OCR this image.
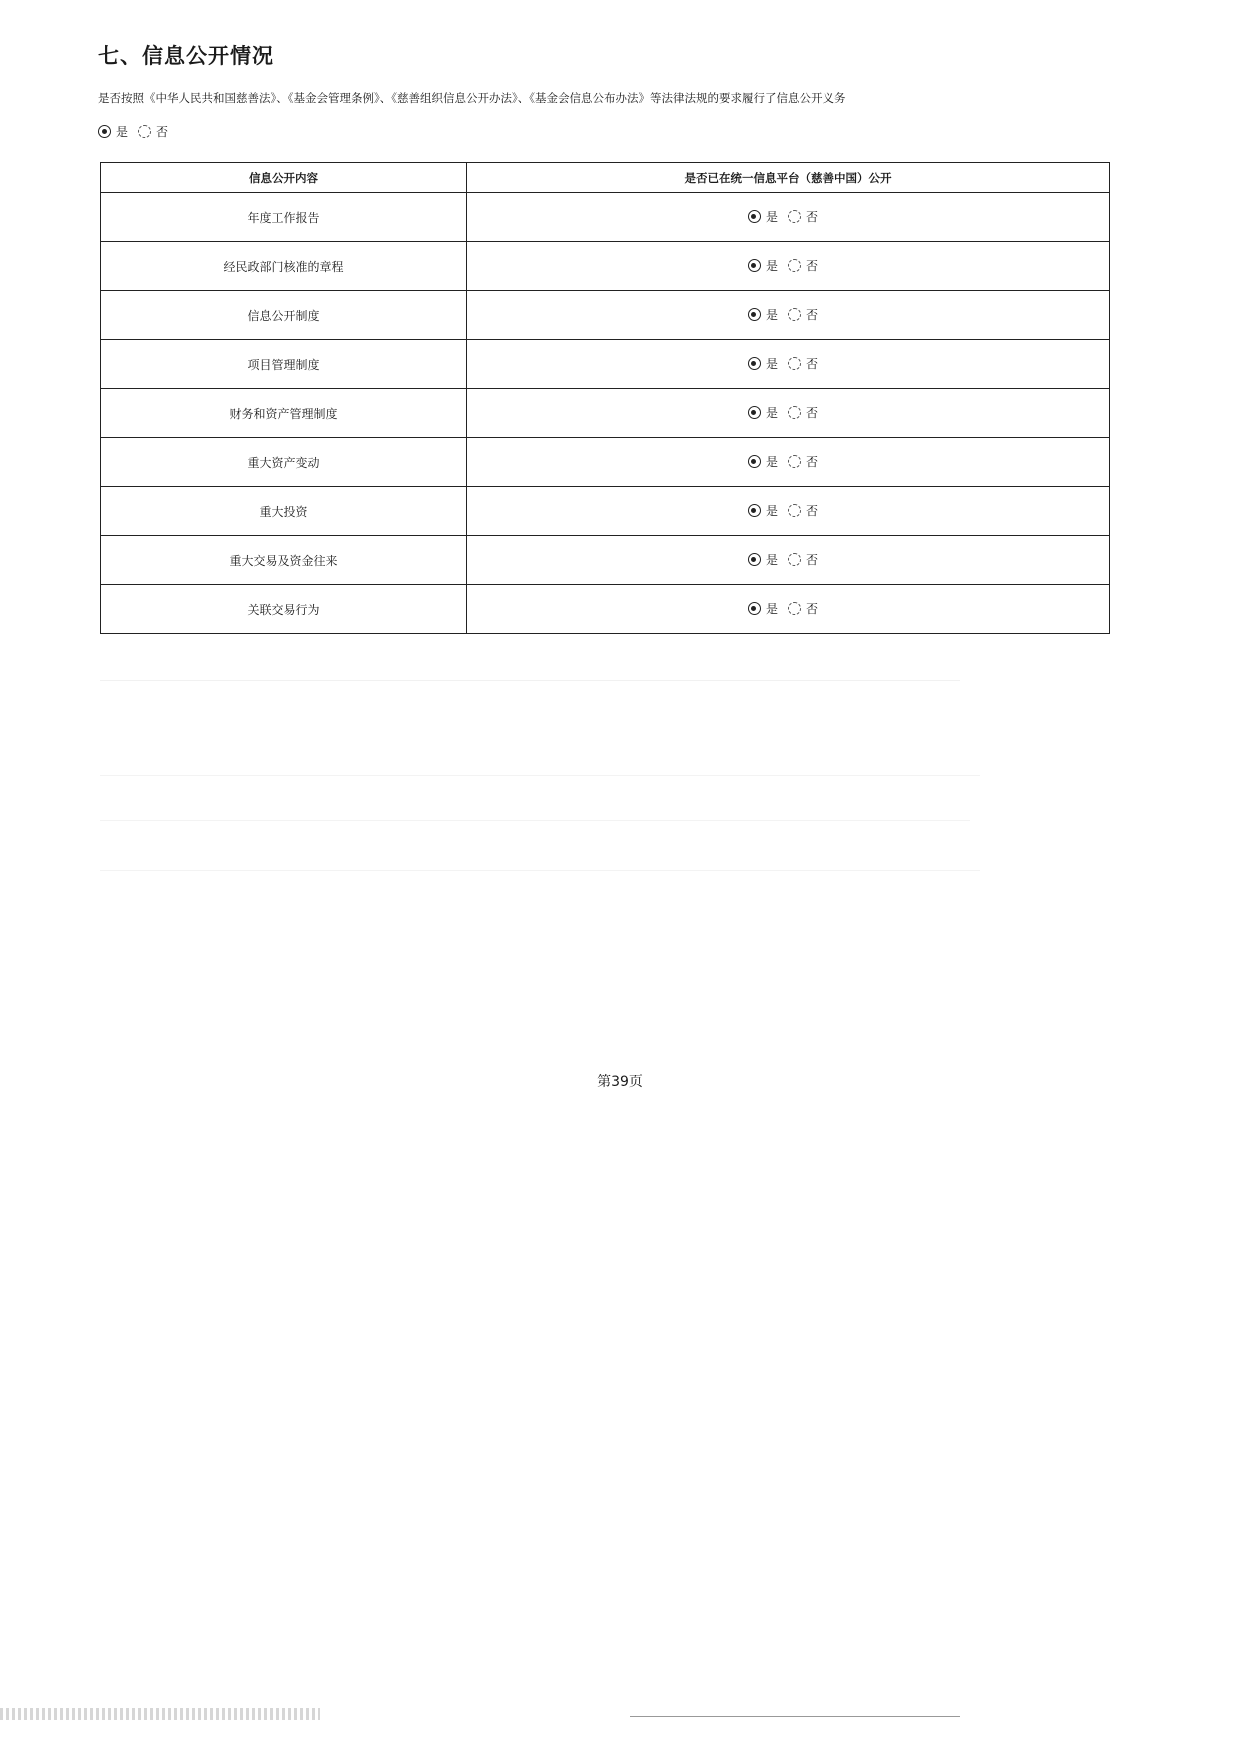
七、信息公开情况
是否按照《中华人民共和国慈善法》、《基金会管理条例》、《慈善组织信息公开办法》、《基金会信息公布办法》等法律法规的要求履行了信息公开义务
是 否
信息公开内容	是否已在统一信息平台（慈善中国）公开
年度工作报告	是 否

经民政部门核准的章程	是 否

信息公开制度	是 否

项目管理制度	是 否

财务和资产管理制度	是 否

重大资产变动	是 否

重大投资	是 否

重大交易及资金往来	是 否

关联交易行为	是 否
第39页
